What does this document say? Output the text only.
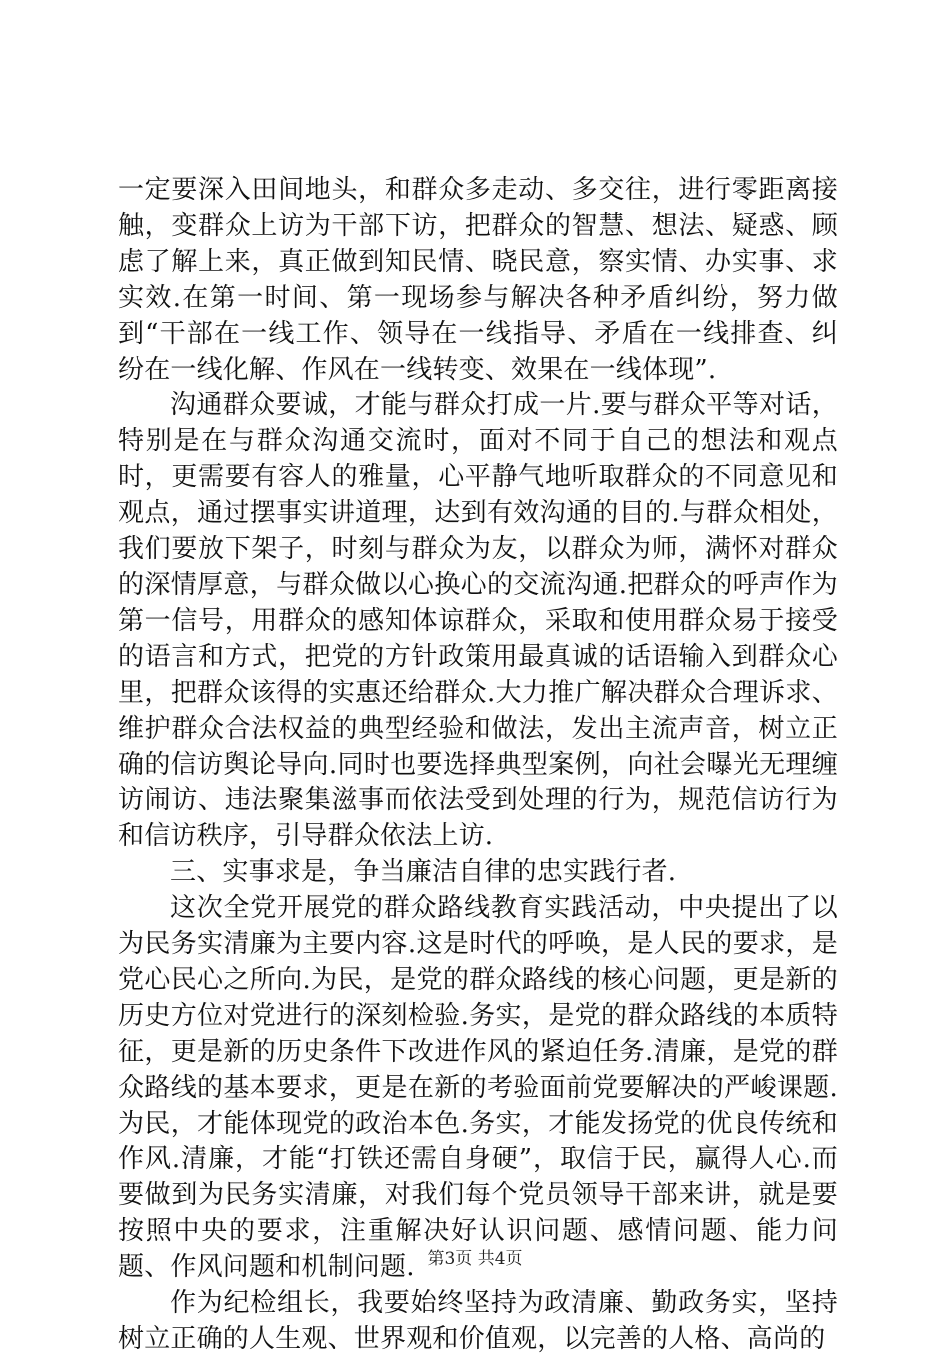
一定要深入田间地头，和群众多走动、多交往，进行零距离接触，变群众上访为干部下访，把群众的智慧、想法、疑惑、顾虑了解上来，真正做到知民情、晓民意，察实情、办实事、求实效.在第一时间、第一现场参与解决各种矛盾纠纷，努力做到“干部在一线工作、领导在一线指导、矛盾在一线排查、纠纷在一线化解、作风在一线转变、效果在一线体现”.

沟通群众要诚，才能与群众打成一片.要与群众平等对话，特别是在与群众沟通交流时，面对不同于自己的想法和观点时，更需要有容人的雅量，心平静气地听取群众的不同意见和观点，通过摆事实讲道理，达到有效沟通的目的.与群众相处，我们要放下架子，时刻与群众为友，以群众为师，满怀对群众的深情厚意，与群众做以心换心的交流沟通.把群众的呼声作为第一信号，用群众的感知体谅群众，采取和使用群众易于接受的语言和方式，把党的方针政策用最真诚的话语输入到群众心里，把群众该得的实惠还给群众.大力推广解决群众合理诉求、维护群众合法权益的典型经验和做法，发出主流声音，树立正确的信访舆论导向.同时也要选择典型案例，向社会曝光无理缠访闹访、违法聚集滋事而依法受到处理的行为，规范信访行为和信访秩序，引导群众依法上访.

三、实事求是，争当廉洁自律的忠实践行者.

这次全党开展党的群众路线教育实践活动，中央提出了以为民务实清廉为主要内容.这是时代的呼唤，是人民的要求，是党心民心之所向.为民，是党的群众路线的核心问题，更是新的历史方位对党进行的深刻检验.务实，是党的群众路线的本质特征，更是新的历史条件下改进作风的紧迫任务.清廉，是党的群众路线的基本要求，更是在新的考验面前党要解决的严峻课题.为民，才能体现党的政治本色.务实，才能发扬党的优良传统和作风.清廉，才能“打铁还需自身硬”，取信于民，赢得人心.而要做到为民务实清廉，对我们每个党员领导干部来讲，就是要按照中央的要求，注重解决好认识问题、感情问题、能力问题、作风问题和机制问题.

作为纪检组长，我要始终坚持为政清廉、勤政务实，坚持树立正确的人生观、世界观和价值观，以完善的人格、高尚的

第3页 共4页
